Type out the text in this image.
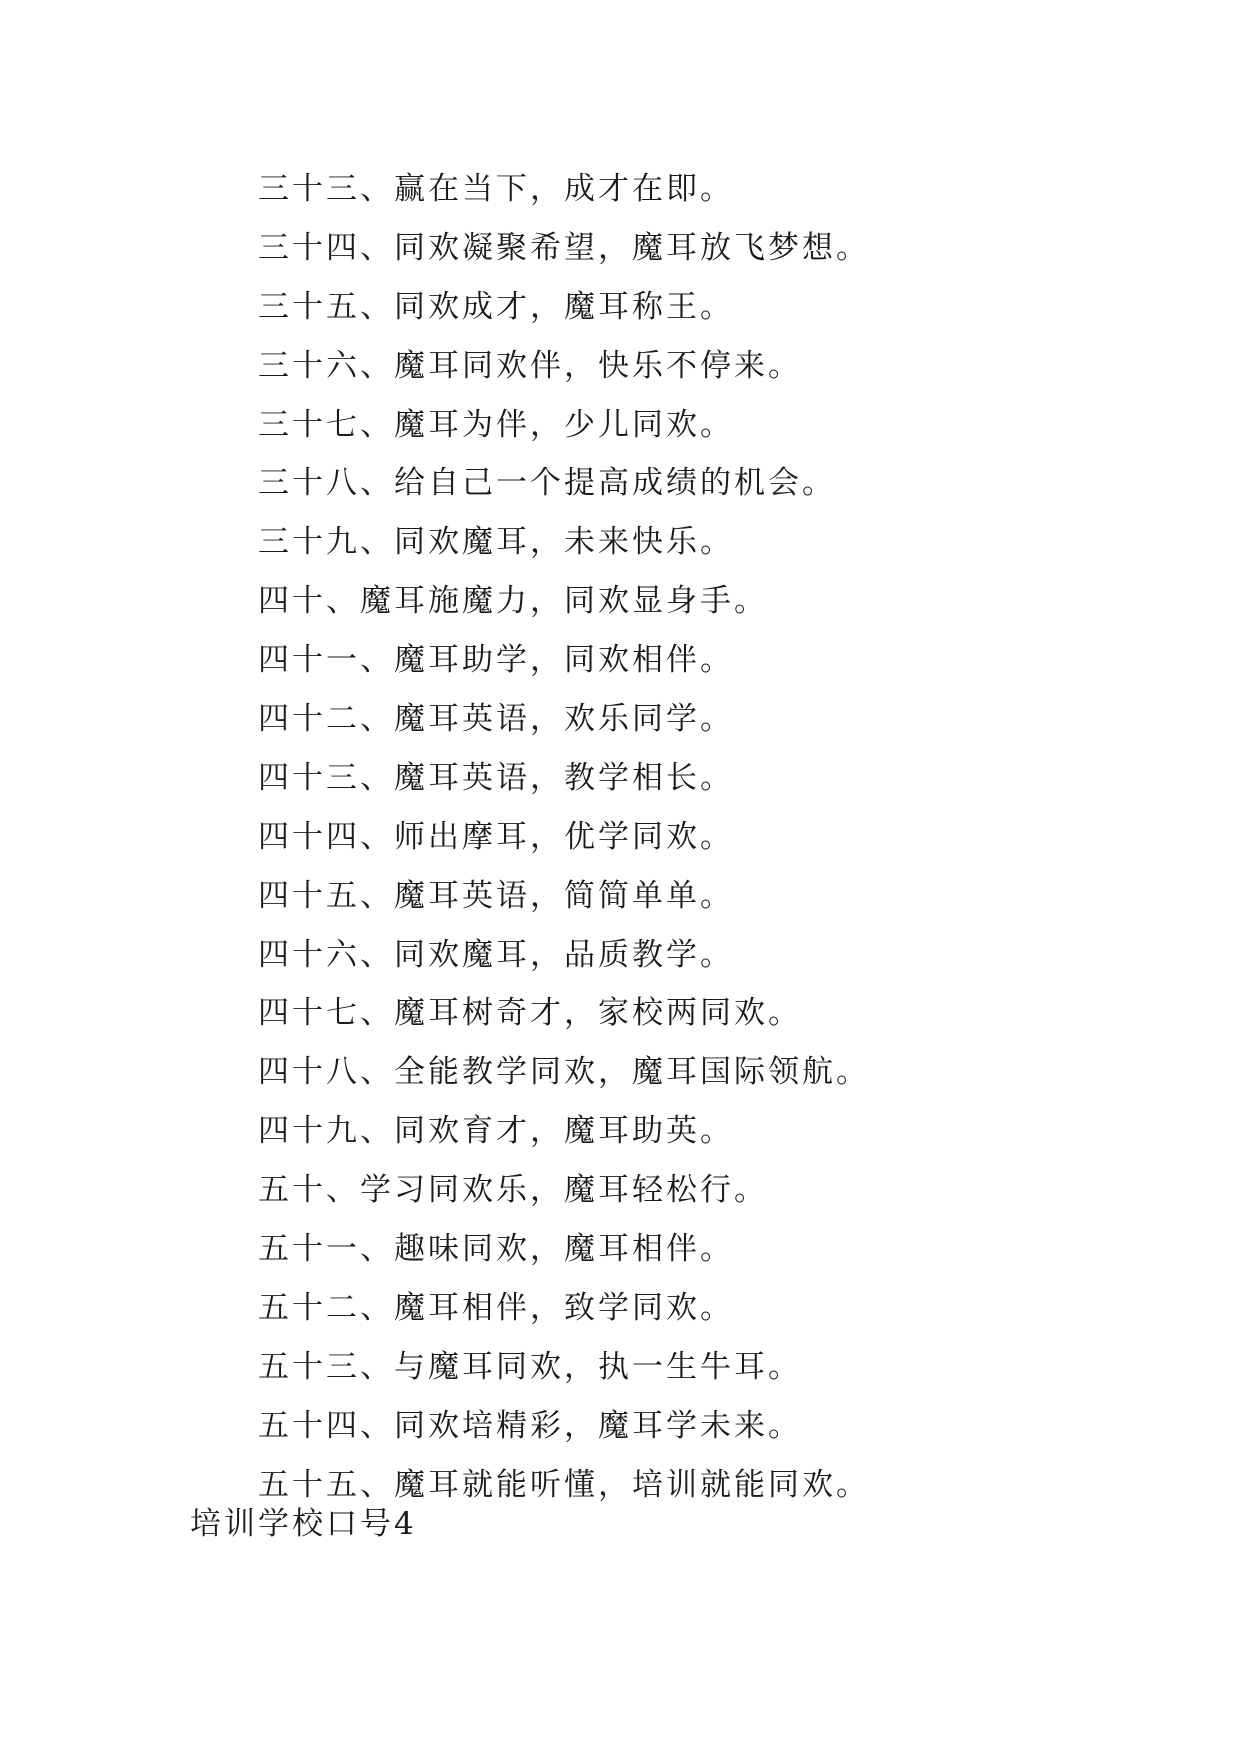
三十三、赢在当下，成才在即。
三十四、同欢凝聚希望，魔耳放飞梦想。
三十五、同欢成才，魔耳称王。
三十六、魔耳同欢伴，快乐不停来。
三十七、魔耳为伴，少儿同欢。
三十八、给自己一个提高成绩的机会。
三十九、同欢魔耳，未来快乐。
四十、魔耳施魔力，同欢显身手。
四十一、魔耳助学，同欢相伴。
四十二、魔耳英语，欢乐同学。
四十三、魔耳英语，教学相长。
四十四、师出摩耳，优学同欢。
四十五、魔耳英语，简简单单。
四十六、同欢魔耳，品质教学。
四十七、魔耳树奇才，家校两同欢。
四十八、全能教学同欢，魔耳国际领航。
四十九、同欢育才，魔耳助英。
五十、学习同欢乐，魔耳轻松行。
五十一、趣味同欢，魔耳相伴。
五十二、魔耳相伴，致学同欢。
五十三、与魔耳同欢，执一生牛耳。
五十四、同欢培精彩，魔耳学未来。
五十五、魔耳就能听懂，培训就能同欢。
培训学校口号4
